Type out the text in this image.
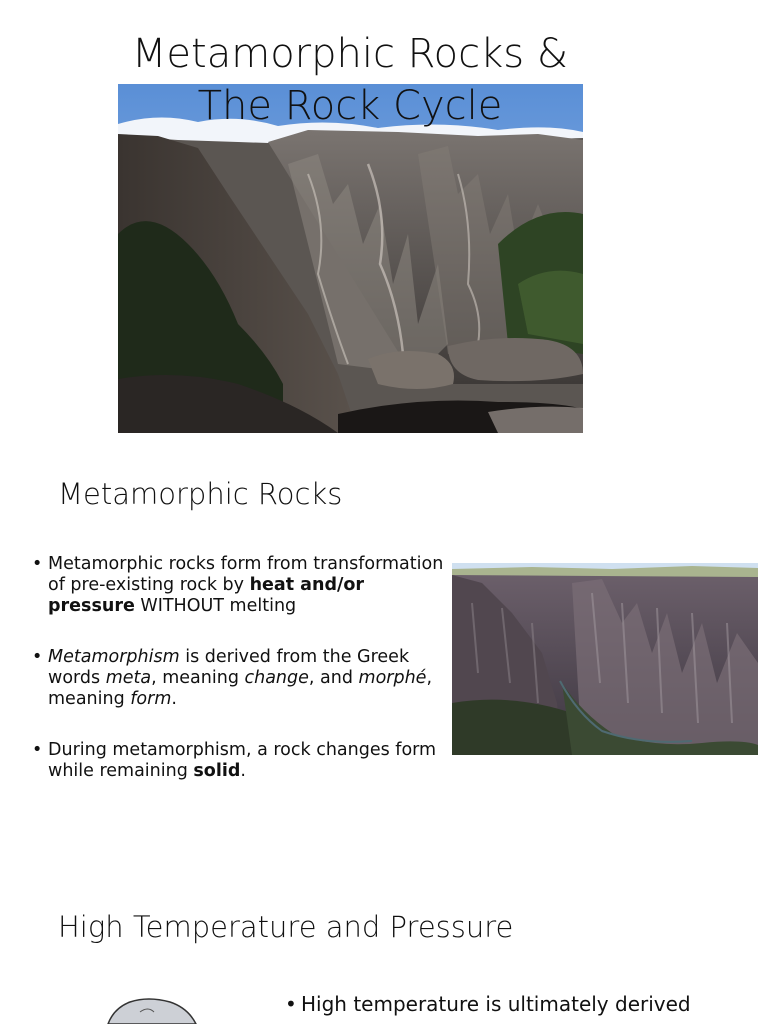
Metamorphic Rocks &
The Rock Cycle
Metamorphic Rocks
• Metamorphic rocks form from transformation of pre-existing rock by heat and/or pressure WITHOUT melting
• Metamorphism is derived from the Greek words meta, meaning change, and morphé, meaning form.
• During metamorphism, a rock changes form while remaining solid.
High Temperature and Pressure
• High temperature is ultimately derived
